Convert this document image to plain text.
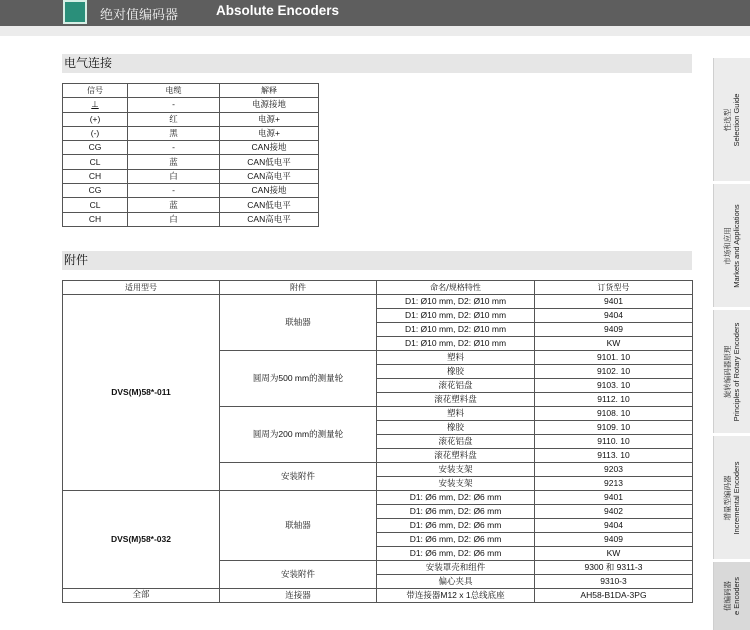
绝对值编码器	Absolute Encoders
电气连接
信号	电缆	解释
⊥	-	电源接地
(+)	红	电源+
(-)	黑	电源+
CG	-	CAN接地
CL	蓝	CAN低电平
CH	白	CAN高电平
CG	-	CAN接地
CL	蓝	CAN低电平
CH	白	CAN高电平
附件
适用型号	附件	命名/规格特性	订货型号
DVS(M)58*-011	联轴器	D1: Ø10 mm, D2: Ø10 mm	9401
		D1: Ø10 mm, D2: Ø10 mm	9404
		D1: Ø10 mm, D2: Ø10 mm	9409
		D1: Ø10 mm, D2: Ø10 mm	KW
	圆周为500 mm的测量轮	塑料	9101. 10
		橡胶	9102. 10
		滚花铝盘	9103. 10
		滚花塑料盘	9112. 10
	圆周为200 mm的测量轮	塑料	9108. 10
		橡胶	9109. 10
		滚花铝盘	9110. 10
		滚花塑料盘	9113. 10
	安装附件	安装支架	9203
		安装支架	9213
DVS(M)58*-032	联轴器	D1: Ø6 mm, D2: Ø6 mm	9401
		D1: Ø6 mm, D2: Ø6 mm	9402
		D1: Ø6 mm, D2: Ø6 mm	9404
		D1: Ø6 mm, D2: Ø6 mm	9409
		D1: Ø6 mm, D2: Ø6 mm	KW
	安装附件	安装罩壳和组件	9300 和 9311-3
		偏心夹具	9310-3
全部	连接器	带连接器M12 x 1总线底座	AH58-B1DA-3PG
性选型 Selection Guide
市场和应用 Markets and Applications
旋转编码器原理 Principles of Rotary Encoders
增量型编码器 Incremental Encoders
值编码器 e Encoders
